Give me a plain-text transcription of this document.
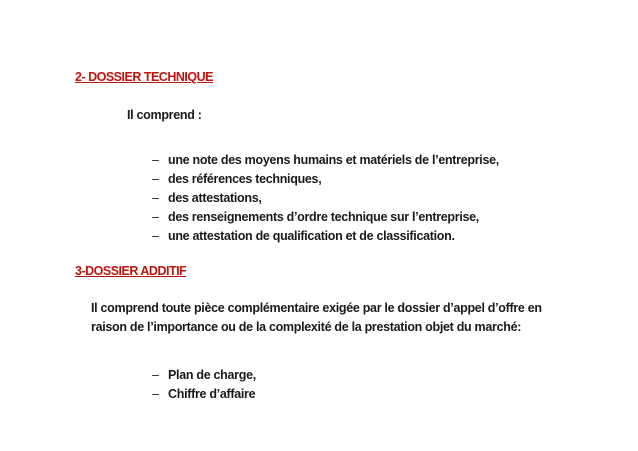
2- DOSSIER TECHNIQUE
Il comprend :
– une note des moyens humains et matériels de l’entreprise,
– des références techniques,
– des attestations,
– des renseignements d’ordre technique sur l’entreprise,
– une attestation de qualification et de classification.
3-DOSSIER ADDITIF
Il comprend toute pièce complémentaire exigée par le dossier d’appel d’offre en
raison de l’importance ou de la complexité de la prestation objet du marché:
– Plan de charge,
– Chiffre d’affaire
